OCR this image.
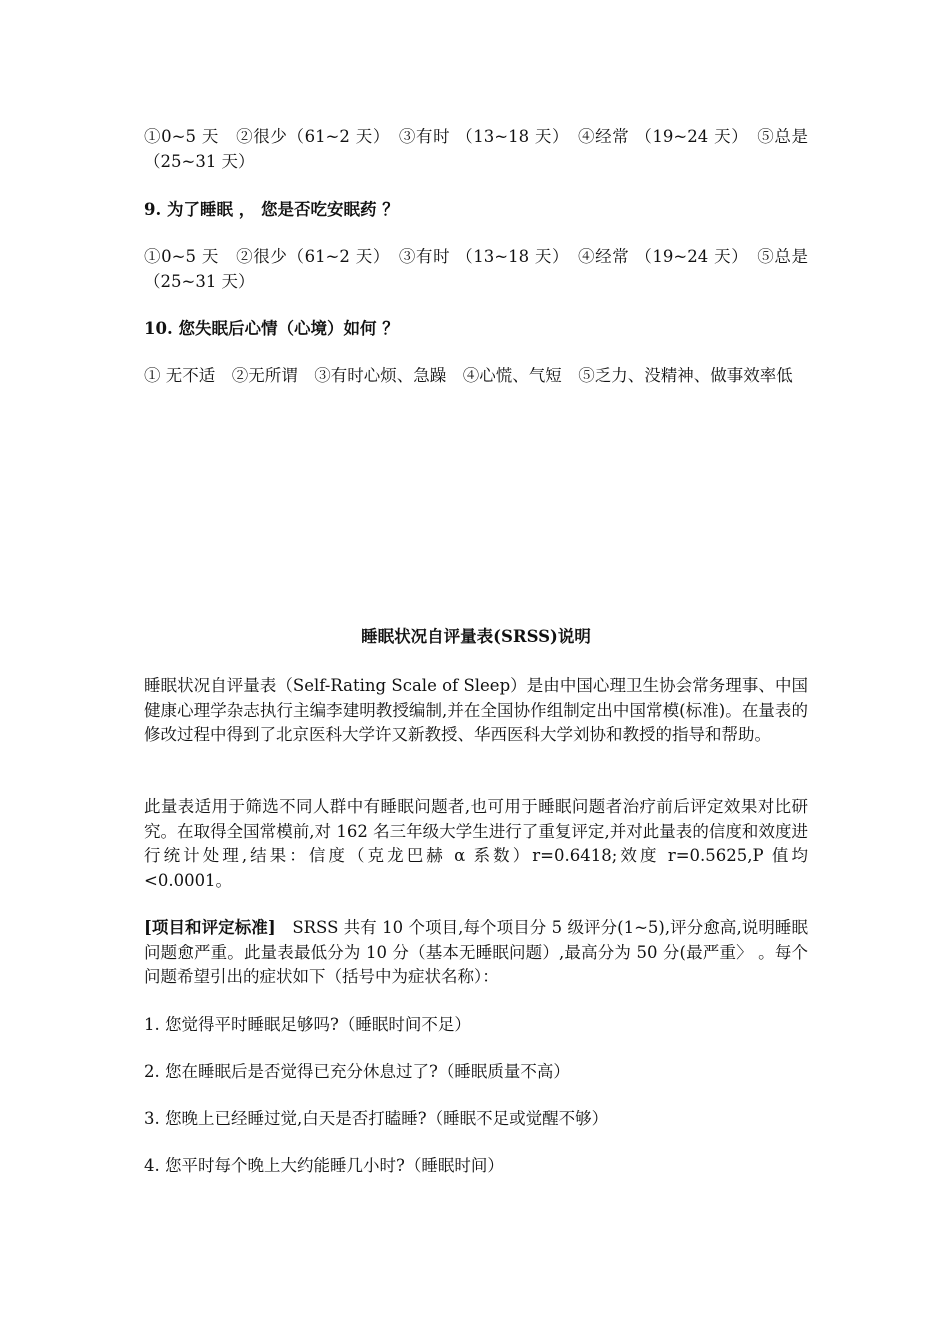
①0~5 天　②很少（61~2 天）　③有时 （13~18 天）　④经常 （19~24 天）　⑤总是 （25~31 天）

9. 为了睡眠 ， 您是否吃安眠药 ？

①0~5 天　②很少（61~2 天）　③有时 （13~18 天）　④经常 （19~24 天）　⑤总是 （25~31 天）

10. 您失眠后心情（心境）如何 ？

① 无不适　②无所谓　③有时心烦、急躁　④心慌、气短　⑤乏力、没精神、做事效率低

睡眠状况自评量表(SRSS)说明

睡眠状况自评量表（Self-Rating Scale of Sleep）是由中国心理卫生协会常务理事、中国健康心理学杂志执行主编李建明教授编制,并在全国协作组制定出中国常模(标准)。在量表的修改过程中得到了北京医科大学许又新教授、华西医科大学刘协和教授的指导和帮助。

此量表适用于筛选不同人群中有睡眠问题者,也可用于睡眠问题者治疗前后评定效果对比研究。在取得全国常模前,对 162 名三年级大学生进行了重复评定,并对此量表的信度和效度进行统计处理,结果：信度（克龙巴赫 α 系数）r=0.6418;效度 r=0.5625,P 值均<0.0001。

[项目和评定标准]　SRSS 共有 10 个项目,每个项目分 5 级评分(1~5),评分愈高,说明睡眠问题愈严重。此量表最低分为 10 分（基本无睡眠问题）,最高分为 50 分(最严重〉 。每个问题希望引出的症状如下（括号中为症状名称）：

1. 您觉得平时睡眠足够吗?（睡眠时间不足）

2. 您在睡眠后是否觉得已充分休息过了?（睡眠质量不高）

3. 您晚上已经睡过觉,白天是否打瞌睡?（睡眠不足或觉醒不够）

4. 您平时每个晚上大约能睡几小时?（睡眠时间）
